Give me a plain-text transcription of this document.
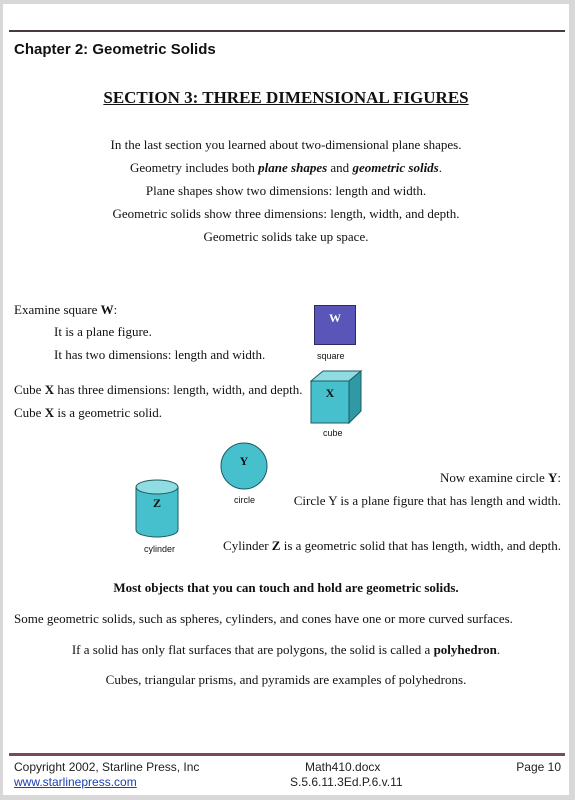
Chapter 2: Geometric Solids
SECTION 3: THREE DIMENSIONAL FIGURES
In the last section you learned about two-dimensional plane shapes.
Geometry includes both plane shapes and geometric solids.
Plane shapes show two dimensions: length and width.
Geometric solids show three dimensions: length, width, and depth.
Geometric solids take up space.
Examine square W:
It is a plane figure.
It has two dimensions: length and width.
W
square
Cube X has three dimensions: length, width, and depth.
Cube X is a geometric solid.
X
cube
Y
circle
Now examine circle Y:
Circle Y is a plane figure that has length and width.
Z
cylinder	Cylinder Z is a geometric solid that has length, width, and depth.
Most objects that you can touch and hold are geometric solids.
Some geometric solids, such as spheres, cylinders, and cones have one or more curved surfaces.
If a solid has only flat surfaces that are polygons, the solid is called a polyhedron.
Cubes, triangular prisms, and pyramids are examples of polyhedrons.
Copyright 2002, Starline Press, Inc
www.starlinepress.com
Math410.docx
S.5.6.11.3Ed.P.6.v.11
Page 10
